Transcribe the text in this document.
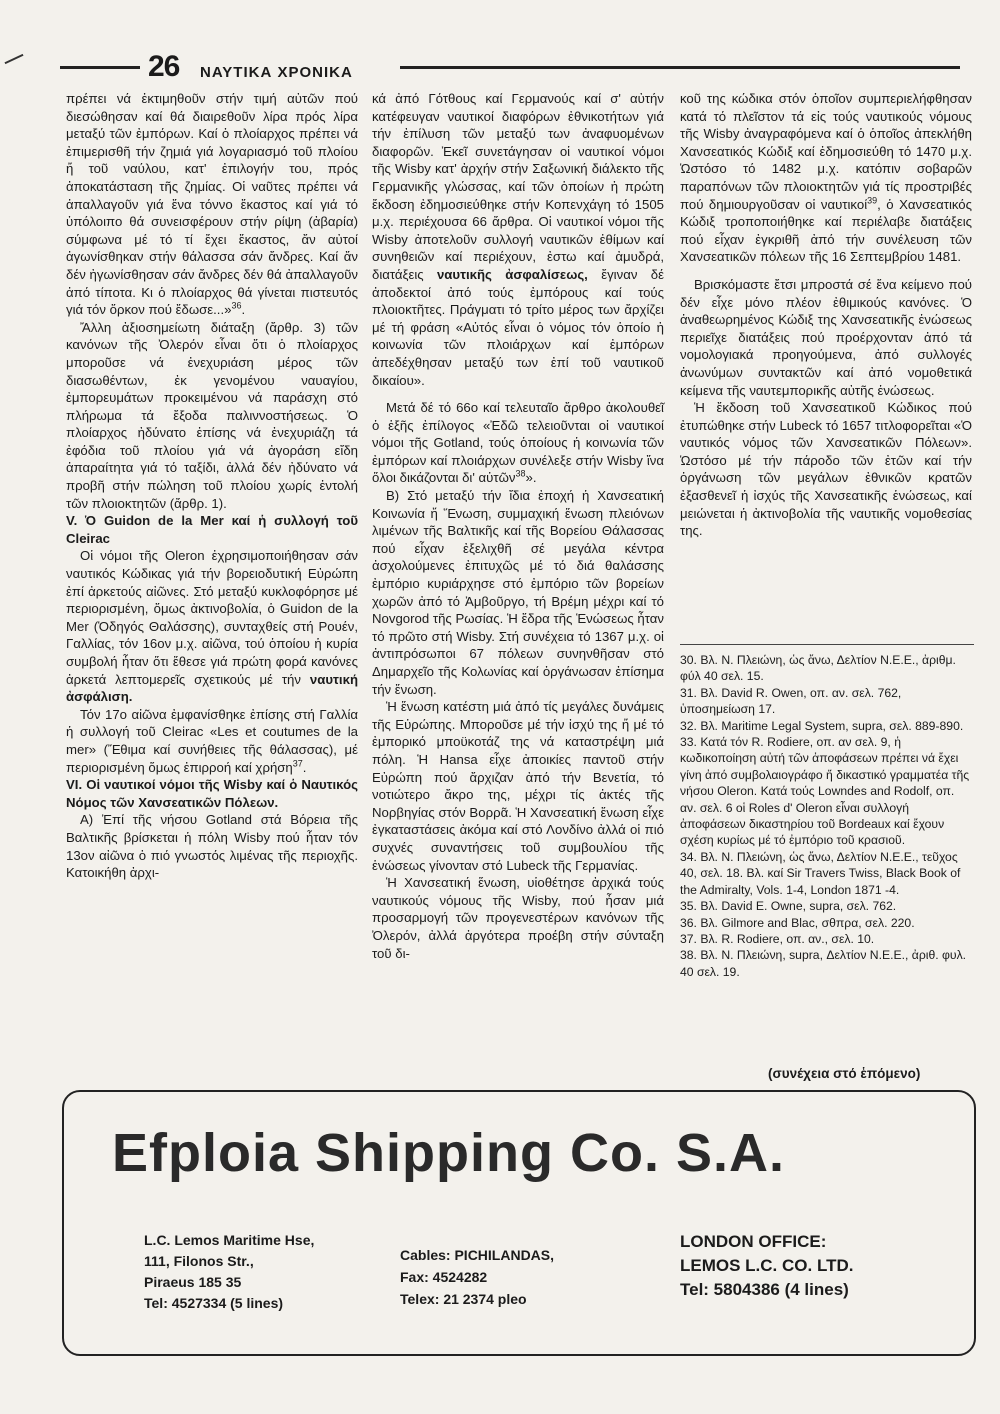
26 ΝΑΥΤΙΚΑ ΧΡΟΝΙΚΑ

πρέπει νά ἐκτιμηθοῦν στήν τιμή αὐτῶν πού διεσώθησαν καί θά διαιρεθοῦν λίρα πρός λίρα μεταξύ τῶν ἐμπόρων. Καί ὁ πλοίαρχος πρέπει νά ἐπιμερισθῆ τήν ζημιά γιά λογαριασμό τοῦ πλοίου ἤ τοῦ ναύλου, κατ' ἐπιλογήν του, πρός ἀποκατάσταση τῆς ζημίας. Οἱ ναῦτες πρέπει νά ἀπαλλαγοῦν γιά ἕνα τόννο ἕκαστος καί γιά τό ὑπόλοιπο θά συνεισφέρουν στήν ρίψη (ἀβαρία) σύμφωνα μέ τό τί ἔχει ἕκαστος, ἄν αὐτοί ἀγωνίσθηκαν στήν θάλασσα σάν ἄνδρες. Καί ἄν δέν ἠγωνίσθησαν σάν ἄνδρες δέν θά ἀπαλλαγοῦν ἀπό τίποτα. Κι ὁ πλοίαρχος θά γίνεται πιστευτός γιά τόν ὅρκον πού ἔδωσε...»$^{36}$.

Ἄλλη ἀξιοσημείωτη διάταξη (ἄρθρ. 3) τῶν κανόνων τῆς Ὀλερόν εἶναι ὅτι ὁ πλοίαρχος μποροῦσε νά ἐνεχυριάση μέρος τῶν διασωθέντων, ἐκ γενομένου ναυαγίου, ἐμπορευμάτων προκειμένου νά παράσχη στό πλήρωμα τά ἔξοδα παλιννοστήσεως. Ὁ πλοίαρχος ἠδύνατο ἐπίσης νά ἐνεχυριάζη τά ἐφόδια τοῦ πλοίου γιά νά ἀγοράση εἴδη ἀπαραίτητα γιά τό ταξίδι, ἀλλά δέν ἠδύνατο νά προβῆ στήν πώληση τοῦ πλοίου χωρίς ἐντολή τῶν πλοιοκτητῶν (ἄρθρ. 1).

V. Ὁ Guidon de la Mer καί ἡ συλλογή τοῦ Cleirac

Οἱ νόμοι τῆς Oleron ἐχρησιμοποιήθησαν σάν ναυτικός Κώδικας γιά τήν βορειοδυτική Εὐρώπη ἐπί ἀρκετούς αἰῶνες. Στό μεταξύ κυκλοφόρησε μέ περιορισμένη, ὅμως ἀκτινοβολία, ὁ Guidon de la Mer (Ὁδηγός Θαλάσσης), συνταχθείς στή Ρουέν, Γαλλίας, τόν 16ον μ.χ. αἰῶνα, τού ὁποίου ἡ κυρία συμβολή ἦταν ὅτι ἔθεσε γιά πρώτη φορά κανόνες ἀρκετά λεπτομερεῖς σχετικούς μέ τήν ναυτική ἀσφάλιση.

Τόν 17ο αἰῶνα ἐμφανίσθηκε ἐπίσης στή Γαλλία ἡ συλλογή τοῦ Cleirac «Les et coutumes de la mer» (Ἔθιμα καί συνήθειες τῆς θάλασσας), μέ περιορισμένη ὅμως ἐπιρροή καί χρήση$^{37}$.

VI. Οἱ ναυτικοί νόμοι τῆς Wisby καί ὁ Ναυτικός Νόμος τῶν Χανσεατικῶν Πόλεων.

Α) Ἐπί τῆς νήσου Gotland στά Βόρεια τῆς Βαλτικῆς βρίσκεται ἡ πόλη Wisby πού ἦταν τόν 13ον αἰῶνα ὁ πιό γνωστός λιμένας τῆς περιοχῆς. Κατοικήθη ἀρχι-

κά ἀπό Γότθους καί Γερμανούς καί σ' αὐτήν κατέφευγαν ναυτικοί διαφόρων ἐθνικοτήτων γιά τήν ἐπίλυση τῶν μεταξύ των ἀναφυομένων διαφορῶν. Ἐκεῖ συνετάγησαν οἱ ναυτικοί νόμοι τῆς Wisby κατ' ἀρχήν στήν Σαξωνική διάλεκτο τῆς Γερμανικῆς γλώσσας, καί τῶν ὁποίων ἡ πρώτη ἔκδοση ἐδημοσιεύθηκε στήν Κοπενχάγη τό 1505 μ.χ. περιέχουσα 66 ἄρθρα. Οἱ ναυτικοί νόμοι τῆς Wisby ἀποτελοῦν συλλογή ναυτικῶν ἐθίμων καί συνηθειῶν καί περιέχουν, ἐστω καί ἀμυδρά, διατάξεις ναυτικῆς ἀσφαλίσεως, ἔγιναν δέ ἀποδεκτοί ἀπό τούς ἐμπόρους καί τούς πλοιοκτῆτες. Πράγματι τό τρίτο μέρος των ἄρχίζει μέ τή φράση «Αὐτός εἶναι ὁ νόμος τόν ὁποίο ἡ κοινωνία τῶν πλοιάρχων καί ἐμπόρων ἀπεδέχθησαν μεταξύ των ἐπί τοῦ ναυτικοῦ δικαίου».

Μετά δέ τό 66ο καί τελευταῖο ἄρθρο ἀκολουθεῖ ὁ ἑξῆς ἐπίλογος «Ἐδῶ τελειοῦνται οἱ ναυτικοί νόμοι τῆς Gotland, τούς ὁποίους ἡ κοινωνία τῶν ἐμπόρων καί πλοιάρχων συνέλεξε στήν Wisby ἵνα ὅλοι δικάζονται δι' αὐτῶν$^{38}$».

Β) Στό μεταξύ τήν ἴδια ἐποχή ἡ Χανσεατική Κοινωνία ἤ Ἕνωση, συμμαχική ἕνωση πλειόνων λιμένων τῆς Βαλτικῆς καί τῆς Βορείου Θάλασσας πού εἶχαν ἐξελιχθῆ σέ μεγάλα κέντρα ἀσχολούμενες ἐπιτυχῶς μέ τό διά θαλάσσης ἐμπόριο κυριάρχησε στό ἐμπόριο τῶν βορείων χωρῶν ἀπό τό Ἀμβοῦργο, τή Βρέμη μέχρι καί τό Novgorod τῆς Ρωσίας. Ἡ ἕδρα τῆς Ἑνώσεως ἦταν τό πρῶτο στή Wisby. Στή συνέχεια τό 1367 μ.χ. οἱ ἀντιπρόσωποι 67 πόλεων συνηνθῆσαν στό Δημαρχεῖο τῆς Κολωνίας καί ὀργάνωσαν ἐπίσημα τήν ἕνωση.

Ἡ ἕνωση κατέστη μιά ἀπό τίς μεγάλες δυνάμεις τῆς Εὐρώπης. Μποροῦσε μέ τήν ἰσχύ της ἤ μέ τό ἐμπορικό μποϋκοτάζ της νά καταστρέψη μιά πόλη. Ἡ Hansa εἶχε ἀποικίες παντοῦ στήν Εὐρώπη πού ἄρχιζαν ἀπό τήν Βενετία, τό νοτιώτερο ἄκρο της, μέχρι τίς ἀκτές τῆς Νορβηγίας στόν Βορρᾶ. Ἡ Χανσεατική ἕνωση εἶχε ἐγκαταστάσεις ἀκόμα καί στό Λονδίνο ἀλλά οἱ πιό συχνές συναντήσεις τοῦ συμβουλίου τῆς ἑνώσεως γίνονταν στό Lubeck τῆς Γερμανίας.

Ἡ Χανσεατική ἕνωση, υἱοθέτησε ἀρχικά τούς ναυτικούς νόμους τῆς Wisby, πού ἦσαν μιά προσαρμογή τῶν προγενεστέρων κανόνων τῆς Ὀλερόν, ἀλλά ἀργότερα προέβη στήν σύνταξη τοῦ δι-

κοῦ της κώδικα στόν ὁποῖον συμπεριελήφθησαν κατά τό πλεῖστον τά εἰς τούς ναυτικούς νόμους τῆς Wisby ἀναγραφόμενα καί ὁ ὁποῖος ἀπεκλήθη Χανσεατικός Κώδιξ καί ἐδημοσιεύθη τό 1470 μ.χ. Ὡστόσο τό 1482 μ.χ. κατόπιν σοβαρῶν παραπόνων τῶν πλοιοκτητῶν γιά τίς προστριβές πού δημιουργοῦσαν οἱ ναυτικοί$^{39}$, ὁ Χανσεατικός Κώδιξ τροποποιήθηκε καί περιέλαβε διατάξεις πού εἶχαν ἐγκριθῆ ἀπό τήν συνέλευση τῶν Χανσεατικῶν πόλεων τῆς 16 Σεπτεμβρίου 1481.

Βρισκόμαστε ἔτσι μπροστά σέ ἕνα κείμενο πού δέν εἶχε μόνο πλέον ἐθιμικούς κανόνες. Ὁ ἀναθεωρημένος Κώδιξ της Χανσεατικῆς ἑνώσεως περιεῖχε διατάξεις πού προέρχονταν ἀπό τά νομολογιακά προηγούμενα, ἀπό συλλογές ἀνωνύμων συντακτῶν καί ἀπό νομοθετικά κείμενα τῆς ναυτεμπορικῆς αὐτῆς ἑνώσεως.

Ἡ ἔκδοση τοῦ Χανσεατικοῦ Κώδικος πού ἐτυπώθηκε στήν Lubeck τό 1657 τιτλοφορεῖται «Ὁ ναυτικός νόμος τῶν Χανσεατικῶν Πόλεων». Ὡστόσο μέ τήν πάροδο τῶν ἐτῶν καί τήν ὀργάνωση τῶν μεγάλων ἐθνικῶν κρατῶν ἐξασθενεῖ ἡ ἰσχύς τῆς Χανσεατικῆς ἑνώσεως, καί μειώνεται ἡ ἀκτινοβολία τῆς ναυτικῆς νομοθεσίας της.

30. Βλ. Ν. Πλειώνη, ὡς ἄνω, Δελτίον Ν.Ε.Ε., ἀριθμ. φύλ 40 σελ. 15.

31. Βλ. David R. Owen, οπ. αν. σελ. 762, ὑποσημείωση 17.

32. Βλ. Maritime Legal System, supra, σελ. 889-890.

33. Κατά τόν R. Rodiere, οπ. αν σελ. 9, ἡ κωδικοποίηση αὐτή τῶν ἀποφάσεων πρέπει νά ἔχει γίνη ἀπό συμβολαιογράφο ἤ δικαστικό γραμματέα τῆς νήσου Oleron. Κατά τούς Lowndes and Rodolf, οπ. αν. σελ. 6 οἱ Roles d' Oleron εἶναι συλλογή ἀποφάσεων δικαστηρίου τοῦ Bordeaux καί ἔχουν σχέση κυρίως μέ τό ἐμπόριο τοῦ κρασιοῦ.

34. Βλ. Ν. Πλειώνη, ὡς ἄνω, Δελτίον Ν.Ε.Ε., τεῦχος 40, σελ. 18. Βλ. καί Sir Travers Twiss, Black Book of the Admiralty, Vols. 1-4, London 1871 -4.

35. Βλ. David E. Owne, supra, σελ. 762.

36. Βλ. Gilmore and Blac, σθπρα, σελ. 220.

37. Βλ. R. Rodiere, οπ. αν., σελ. 10.

38. Βλ. Ν. Πλειώνη, supra, Δελτίον Ν.Ε.Ε., ἀριθ. φυλ. 40 σελ. 19.

(συνέχεια στό ἑπόμενο)
Efploia Shipping Co. S.A.
L.C. Lemos Maritime Hse,
111, Filonos Str.,
Piraeus 185 35
Tel: 4527334 (5 lines)
Cables: PICHILANDAS,
Fax: 4524282
Telex: 21 2374 pleo
LONDON OFFICE:
LEMOS L.C. CO. LTD.
Tel: 5804386 (4 lines)
